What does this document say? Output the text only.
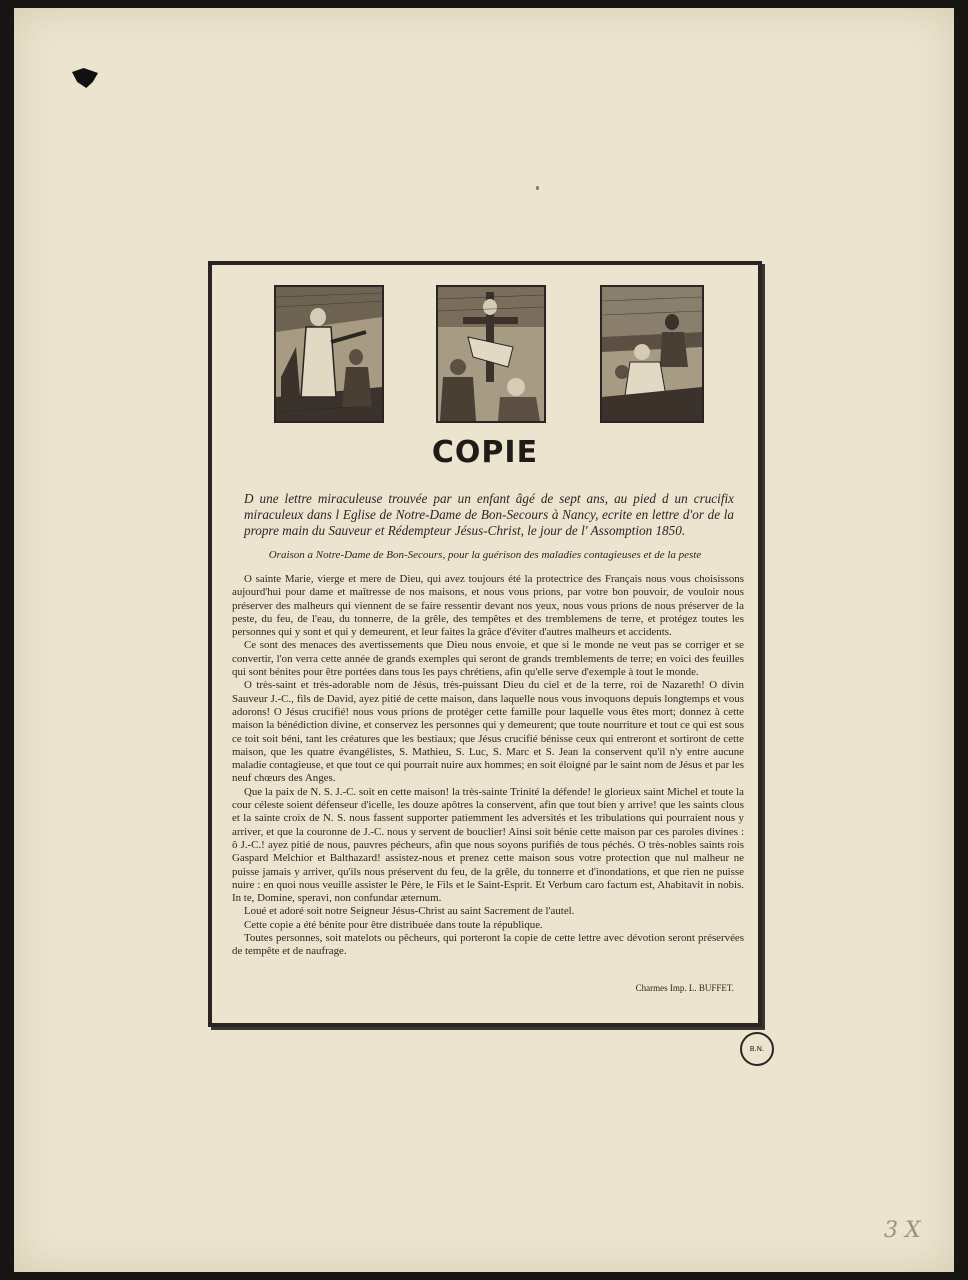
COPIE
D une lettre miraculeuse trouvée par un enfant âgé de sept ans, au pied d un crucifix miraculeux dans l Eglise de Notre-Dame de Bon-Secours à Nancy, ecrite en lettre d'or de la propre main du Sauveur et Rédempteur Jésus-Christ, le jour de l' Assomption 1850.
Oraison a Notre-Dame de Bon-Secours, pour la guérison des maladies contagieuses et de la peste

O sainte Marie, vierge et mere de Dieu, qui avez toujours été la protectrice des Français nous vous choisissons aujourd'hui pour dame et maîtresse de nos maisons, et nous vous prions, par votre bon pouvoir, de vouloir nous préserver des malheurs qui viennent de se faire ressentir devant nos yeux, nous vous prions de nous préserver de la peste, du feu, de l'eau, du tonnerre, de la grêle, des tempêtes et des tremblemens de terre, et protégez toutes les personnes qui y sont et qui y demeurent, et leur faites la grâce d'éviter d'autres malheurs et accidents.

Ce sont des menaces des avertissements que Dieu nous envoie, et que si le monde ne veut pas se corriger et se convertir, l'on verra cette année de grands exemples qui seront de grands tremblements de terre; en voici des feuilles qui sont bénites pour être portées dans tous les pays chrétiens, afin qu'elle serve d'exemple à tout le monde.

O très-saint et très-adorable nom de Jésus, très-puissant Dieu du ciel et de la terre, roi de Nazareth! O divin Sauveur J.-C., fils de David, ayez pitié de cette maison, dans laquelle nous vous invoquons depuis longtemps et vous adorons! O Jésus crucifié! nous vous prions de protéger cette famille pour laquelle vous êtes mort; donnez à cette maison la bénédiction divine, et conservez les personnes qui y demeurent; que toute nourriture et tout ce qui est sous ce toit soit béni, tant les créatures que les bestiaux; que Jésus crucifié bénisse ceux qui entreront et sortiront de cette maison, que les quatre évangélistes, S. Mathieu, S. Luc, S. Marc et S. Jean la conservent qu'il n'y entre aucune maladie contagieuse, et que tout ce qui pourrait nuire aux hommes; en soit éloigné par le saint nom de Jésus et par les neuf chœurs des Anges.

Que la paix de N. S. J.-C. soit en cette maison! la très-sainte Trinité la défende! le glorieux saint Michel et toute la cour céleste soient défenseur d'icelle, les douze apôtres la conservent, afin que tout bien y arrive! que les saints clous et la sainte croix de N. S. nous fassent supporter patiemment les adversités et les tribulations qui pourraient nous y arriver, et que la couronne de J.-C. nous y servent de bouclier! Ainsi soit bénie cette maison par ces paroles divines : ô J.-C.! ayez pitié de nous, pauvres pécheurs, afin que nous soyons purifiés de tous péchés. O très-nobles saints rois Gaspard Melchior et Balthazard! assistez-nous et prenez cette maison sous votre protection que nul malheur ne puisse jamais y arriver, qu'ils nous préservent du feu, de la grêle, du tonnerre et d'inondations, et que rien ne puisse nuire : en quoi nous veuille assister le Père, le Fils et le Saint-Esprit. Et Verbum caro factum est, Ahabitavit in nobis. In te, Domine, speravi, non confundar æternum.

Loué et adoré soit notre Seigneur Jésus-Christ au saint Sacrement de l'autel.

Cette copie a été bénite pour être distribuée dans toute la république.

Toutes personnes, soit matelots ou pêcheurs, qui porteront la copie de cette lettre avec dévotion seront préservées de tempête et de naufrage.

Charmes Imp. L. BUFFET.
B.N.
3 X
